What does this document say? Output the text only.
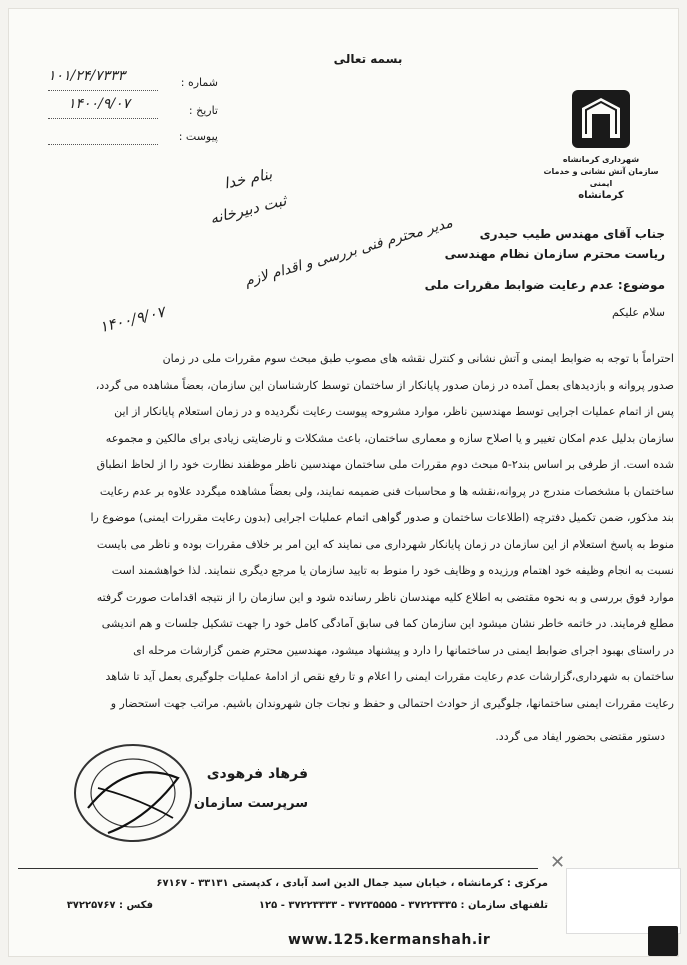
بسمه تعالی
شماره :
۱۰۱/۲۴/۷۳۳۳
تاریخ :
۱۴۰۰/۹/۰۷
پیوست :
شهرداری کرمانشاه
سازمان آتش نشانی و خدمات ایمنی
کرمانشاه
بنام خدا
ثبت دبیرخانه
مدیر محترم فنی بررسی و اقدام لازم
۱۴۰۰/۹/۰۷
جناب آقای مهندس طیب حیدری
ریاست محترم سازمان نظام مهندسی
موضوع: عدم رعایت ضوابط مقررات ملی
سلام علیکم
احتراماً با توجه به ضوابط ایمنی و آتش نشانی و کنترل نقشه های مصوب طبق مبحث سوم مقررات ملی در زمان
صدور پروانه و بازدیدهای بعمل آمده در زمان صدور پایانکار از ساختمان توسط کارشناسان این سازمان، بعضاً مشاهده می گردد،
پس از اتمام عملیات اجرایی توسط مهندسین ناظر، موارد مشروحه پیوست رعایت نگردیده و در زمان استعلام پایانکار از این
سازمان بدلیل عدم امکان تغییر و یا اصلاح سازه و معماری ساختمان، باعث مشکلات و نارضایتی زیادی برای مالکین و مجموعه
شده است. از طرفی بر اساس بند۲-۵ مبحث دوم مقررات ملی ساختمان مهندسین ناظر موظفند نظارت خود را از لحاظ انطباق
ساختمان با مشخصات مندرج در پروانه،نقشه ها و محاسبات فنی ضمیمه نمایند، ولی بعضاً مشاهده میگردد علاوه بر عدم رعایت
بند مذکور، ضمن تکمیل دفترچه (اطلاعات ساختمان و صدور گواهی اتمام عملیات اجرایی (بدون رعایت مقررات ایمنی) موضوع را
منوط به پاسخ استعلام از این سازمان در زمان پایانکار شهرداری می نمایند که این امر بر خلاف مقررات بوده و ناظر می بایست
نسبت به انجام وظیفه خود اهتمام ورزیده و وظایف خود را منوط به تایید سازمان یا مرجع دیگری ننمایند. لذا خواهشمند است
موارد فوق بررسی و به نحوه مقتضی به اطلاع کلیه مهندسان ناظر رسانده شود و این سازمان را از نتیجه اقدامات صورت گرفته
مطلع فرمایند. در خاتمه خاطر نشان میشود این سازمان کما فی سابق آمادگی کامل خود را جهت تشکیل جلسات و هم اندیشی
در راستای بهبود اجرای ضوابط ایمنی در ساختمانها را دارد و پیشنهاد میشود، مهندسین محترم ضمن گزارشات مرحله ای
ساختمان به شهرداری،گزارشات عدم رعایت مقررات ایمنی را اعلام و تا رفع نقص از ادامهٔ عملیات جلوگیری بعمل آید تا شاهد
رعایت مقررات ایمنی ساختمانها، جلوگیری از حوادث احتمالی و حفظ و نجات جان شهروندان باشیم. مراتب جهت استحضار و
دستور مقتضی بحضور ایفاد می گردد.
فرهاد فرهودی
سرپرست سازمان
مرکزی : کرمانشاه ، خیابان سید جمال الدین اسد آبادی ، کدپستی ۳۳۱۳۱ - ۶۷۱۶۷
تلفنهای سازمان : ۳۷۲۲۳۳۳۵ - ۳۷۲۳۵۵۵۵ - ۳۷۲۲۳۳۳۳ - ۱۲۵
فکس : ۳۷۲۲۵۷۶۷
www.125.kermanshah.ir
✕
